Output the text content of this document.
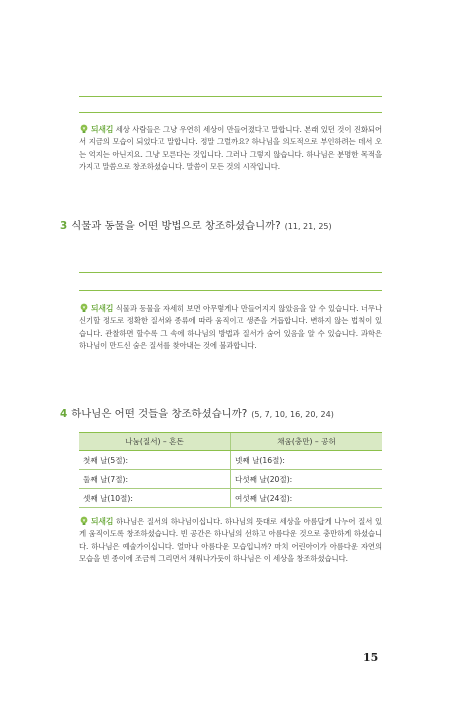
되새김 세상 사람들은 그냥 우연히 세상이 만들어졌다고 말합니다. 본래 있던 것이 진화되어서 지금의 모습이 되었다고 말합니다. 정말 그럴까요? 하나님을 의도적으로 부인하려는 데서 오는 억지는 아닌지요. 그냥 모른다는 것입니다. 그러나 그렇지 않습니다. 하나님은 분명한 목적을 가지고 말씀으로 창조하셨습니다. 말씀이 모든 것의 시작입니다.
3 식물과 동물을 어떤 방법으로 창조하셨습니까? (11, 21, 25)
되새김 식물과 동물을 자세히 보면 아무렇게나 만들어지지 않았음을 알 수 있습니다. 너무나 신기할 정도로 정확한 질서와 종류에 따라 움직이고 생존을 거듭합니다. 변하지 않는 법칙이 있습니다. 관찰하면 할수록 그 속에 하나님의 방법과 질서가 숨어 있음을 알 수 있습니다. 과학은 하나님이 만드신 숨은 질서를 찾아내는 것에 불과합니다.
4 하나님은 어떤 것들을 창조하셨습니까? (5, 7, 10, 16, 20, 24)
나눔(질서) – 혼돈	채움(충만) – 공허
첫째 날(5절):	넷째 날(16절):
둘째 날(7절):	다섯째 날(20절):
셋째 날(10절):	여섯째 날(24절):
되새김 하나님은 질서의 하나님이십니다. 하나님의 뜻대로 세상을 아름답게 나누어 질서 있게 움직이도록 창조하셨습니다. 빈 공간은 하나님의 선하고 아름다운 것으로 충만하게 하셨습니다. 하나님은 예술가이십니다. 얼마나 아름다운 모습입니까? 마치 어린아이가 아름다운 자연의 모습을 빈 종이에 조금씩 그리면서 채워나가듯이 하나님은 이 세상을 창조하셨습니다.
15
